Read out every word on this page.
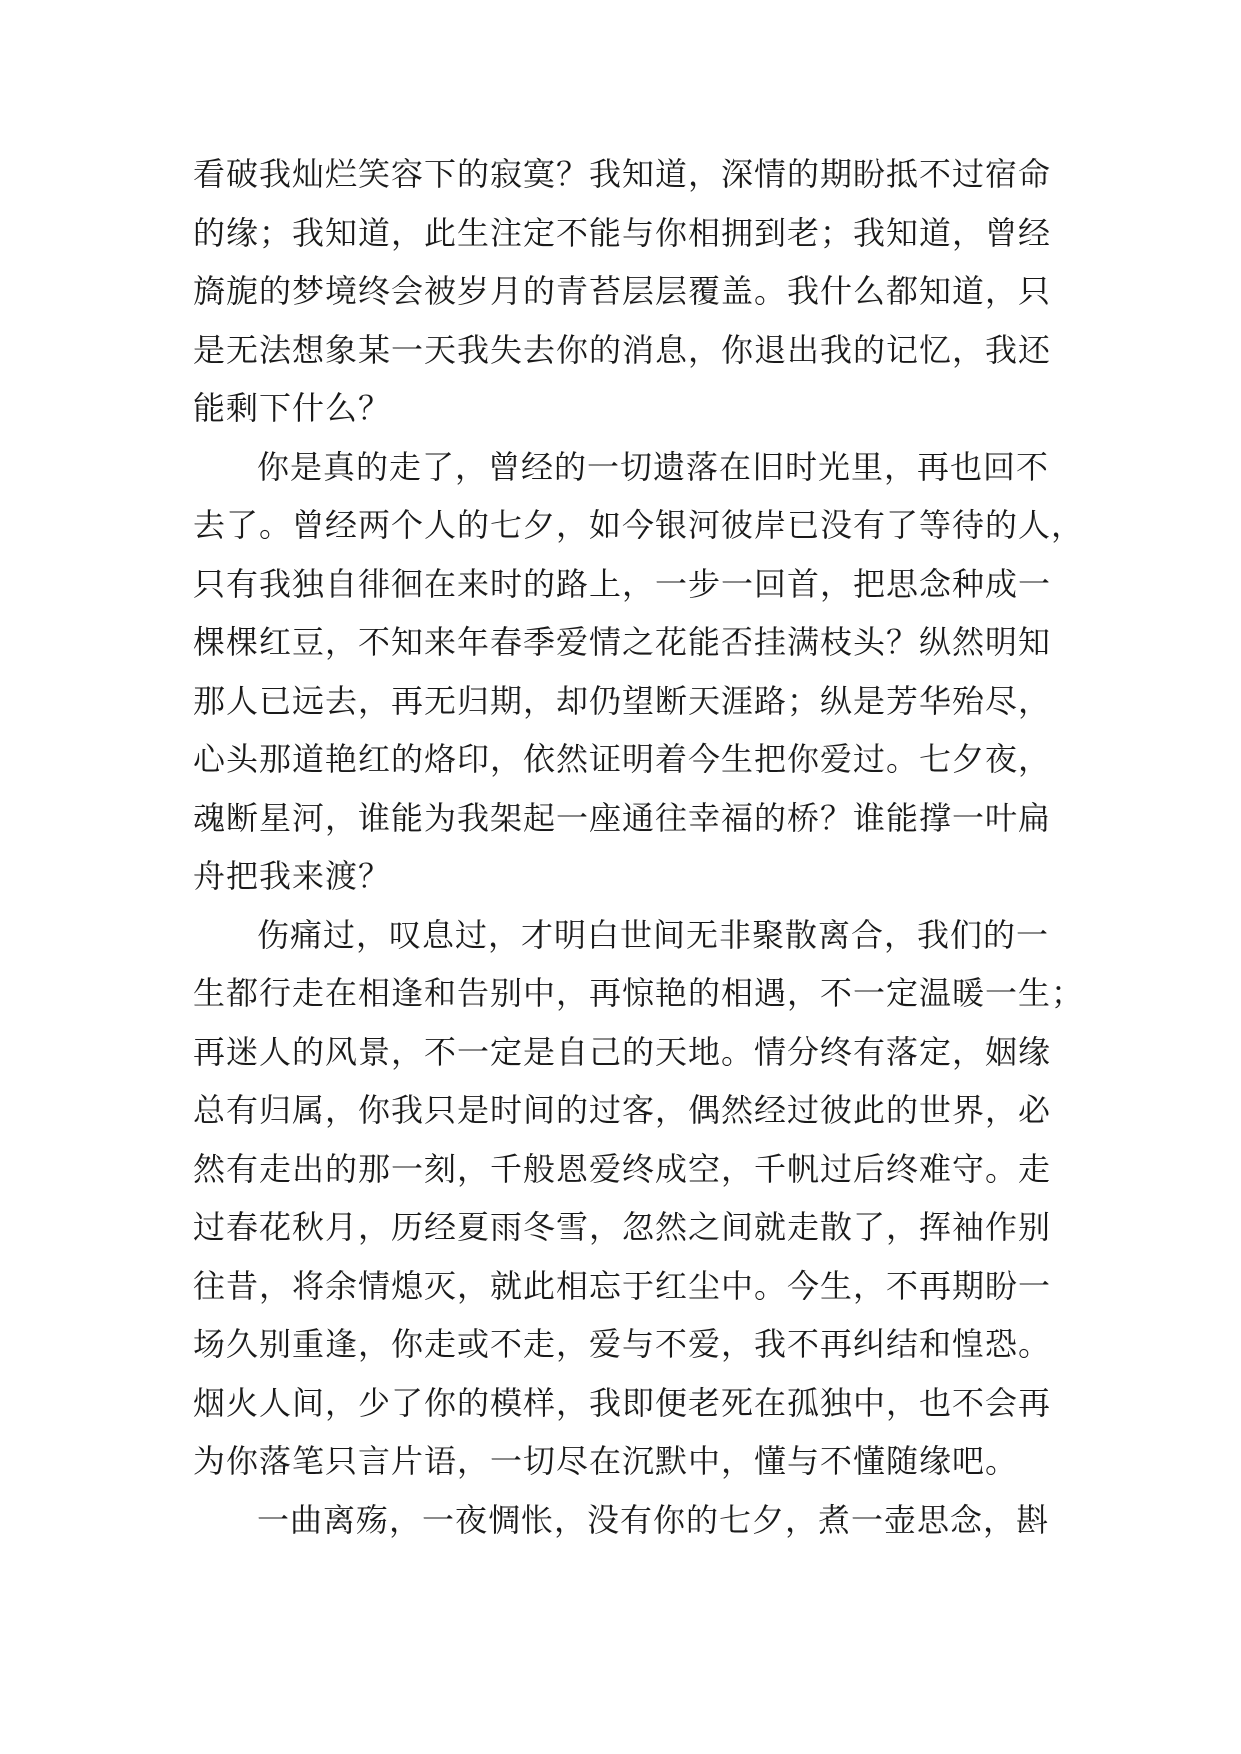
看破我灿烂笑容下的寂寞？我知道，深情的期盼抵不过宿命
的缘；我知道，此生注定不能与你相拥到老；我知道，曾经
旖旎的梦境终会被岁月的青苔层层覆盖。我什么都知道，只
是无法想象某一天我失去你的消息，你退出我的记忆，我还
能剩下什么？
你是真的走了，曾经的一切遗落在旧时光里，再也回不
去了。曾经两个人的七夕，如今银河彼岸已没有了等待的人，
只有我独自徘徊在来时的路上，一步一回首，把思念种成一
棵棵红豆，不知来年春季爱情之花能否挂满枝头？纵然明知
那人已远去，再无归期，却仍望断天涯路；纵是芳华殆尽，
心头那道艳红的烙印，依然证明着今生把你爱过。七夕夜，
魂断星河，谁能为我架起一座通往幸福的桥？谁能撑一叶扁
舟把我来渡？
伤痛过，叹息过，才明白世间无非聚散离合，我们的一
生都行走在相逢和告别中，再惊艳的相遇，不一定温暖一生；
再迷人的风景，不一定是自己的天地。情分终有落定，姻缘
总有归属，你我只是时间的过客，偶然经过彼此的世界，必
然有走出的那一刻，千般恩爱终成空，千帆过后终难守。走
过春花秋月，历经夏雨冬雪，忽然之间就走散了，挥袖作别
往昔，将余情熄灭，就此相忘于红尘中。今生，不再期盼一
场久别重逢，你走或不走，爱与不爱，我不再纠结和惶恐。
烟火人间，少了你的模样，我即便老死在孤独中，也不会再
为你落笔只言片语，一切尽在沉默中，懂与不懂随缘吧。
一曲离殇，一夜惆怅，没有你的七夕，煮一壶思念，斟
